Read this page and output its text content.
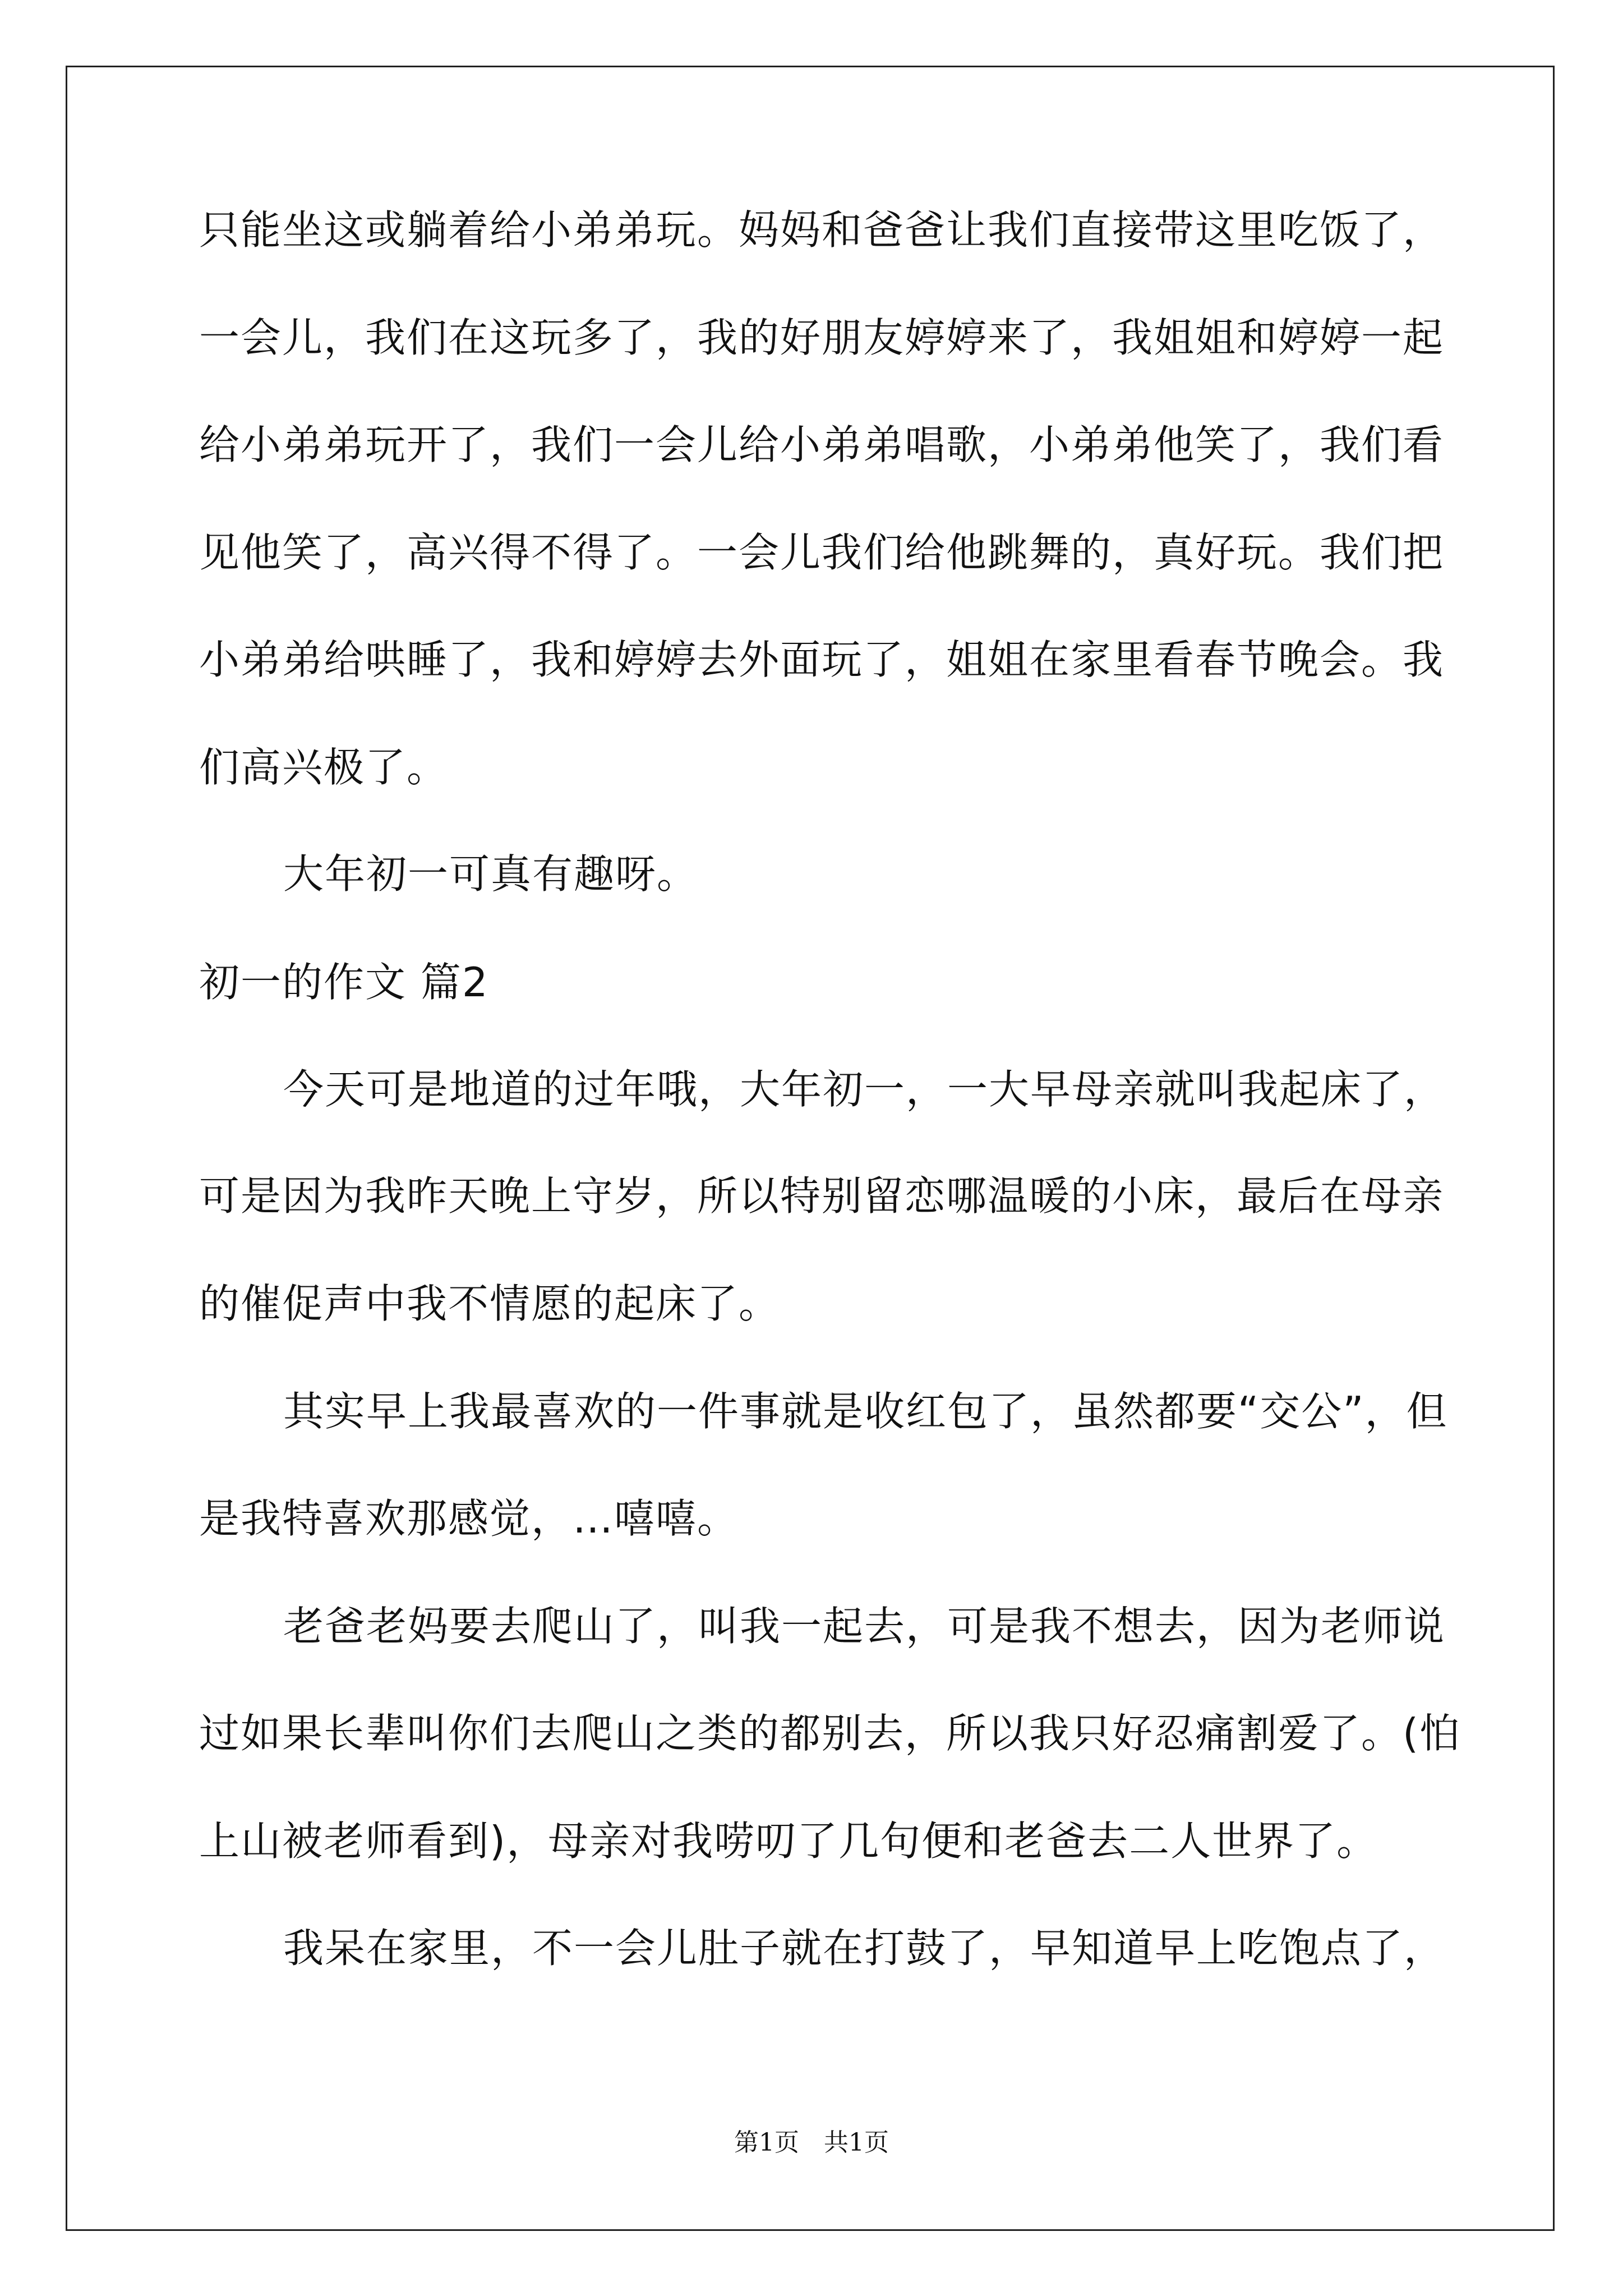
只能坐这或躺着给小弟弟玩。妈妈和爸爸让我们直接带这里吃饭了，
一会儿，我们在这玩多了，我的好朋友婷婷来了，我姐姐和婷婷一起
给小弟弟玩开了，我们一会儿给小弟弟唱歌，小弟弟他笑了，我们看
见他笑了，高兴得不得了。一会儿我们给他跳舞的，真好玩。我们把
小弟弟给哄睡了，我和婷婷去外面玩了，姐姐在家里看春节晚会。我
们高兴极了。
大年初一可真有趣呀。
初一的作文 篇2
今天可是地道的过年哦，大年初一，一大早母亲就叫我起床了，
可是因为我昨天晚上守岁，所以特别留恋哪温暖的小床，最后在母亲
的催促声中我不情愿的起床了。
其实早上我最喜欢的一件事就是收红包了，虽然都要“交公”，但
是我特喜欢那感觉，…嘻嘻。
老爸老妈要去爬山了，叫我一起去，可是我不想去，因为老师说
过如果长辈叫你们去爬山之类的都别去，所以我只好忍痛割爱了。(怕
上山被老师看到)，母亲对我唠叨了几句便和老爸去二人世界了。
我呆在家里，不一会儿肚子就在打鼓了，早知道早上吃饱点了，
第1页　共1页
